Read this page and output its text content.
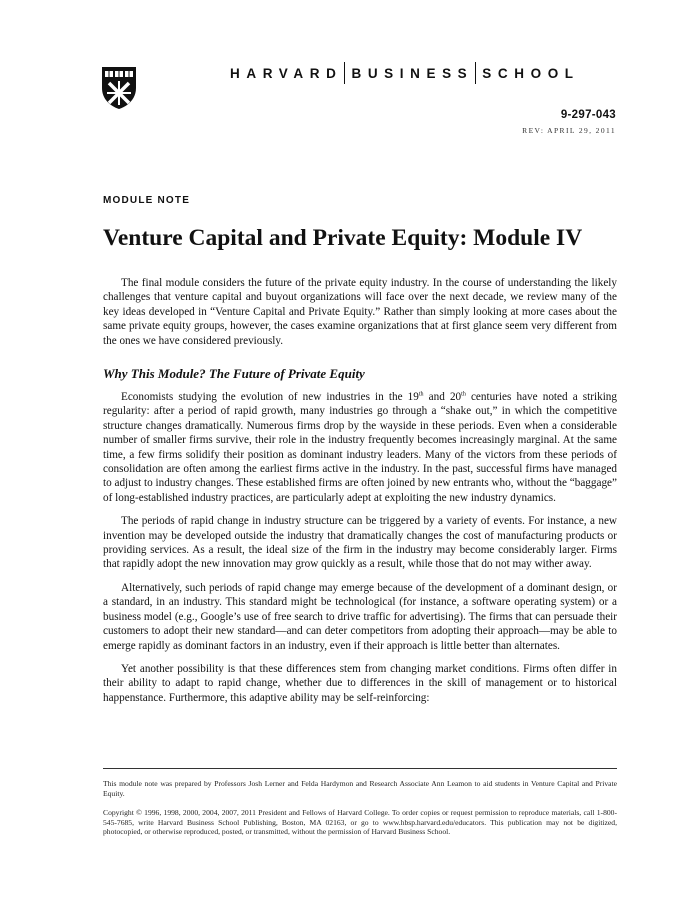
HARVARD BUSINESS SCHOOL
9-297-043
REV: APRIL 29, 2011
MODULE NOTE
Venture Capital and Private Equity: Module IV

The final module considers the future of the private equity industry. In the course of understanding the likely challenges that venture capital and buyout organizations will face over the next decade, we review many of the key ideas developed in “Venture Capital and Private Equity.” Rather than simply looking at more cases about the same private equity groups, however, the cases examine organizations that at first glance seem very different from the ones we have considered previously.

Why This Module? The Future of Private Equity

Economists studying the evolution of new industries in the 19th and 20th centuries have noted a striking regularity: after a period of rapid growth, many industries go through a “shake out,” in which the competitive structure changes dramatically. Numerous firms drop by the wayside in these periods. Even when a considerable number of smaller firms survive, their role in the industry frequently becomes increasingly marginal. At the same time, a few firms solidify their position as dominant industry leaders. Many of the victors from these periods of consolidation are often among the earliest firms active in the industry. In the past, successful firms have managed to adjust to industry changes. These established firms are often joined by new entrants who, without the “baggage” of long-established industry practices, are particularly adept at exploiting the new industry dynamics.

The periods of rapid change in industry structure can be triggered by a variety of events. For instance, a new invention may be developed outside the industry that dramatically changes the cost of manufacturing products or providing services. As a result, the ideal size of the firm in the industry may become considerably larger. Firms that rapidly adopt the new innovation may grow quickly as a result, while those that do not may wither away.

Alternatively, such periods of rapid change may emerge because of the development of a dominant design, or a standard, in an industry. This standard might be technological (for instance, a software operating system) or a business model (e.g., Google’s use of free search to drive traffic for advertising). The firms that can persuade their customers to adopt their new standard—and can deter competitors from adopting their approach—may be able to emerge rapidly as dominant factors in an industry, even if their approach is little better than alternates.

Yet another possibility is that these differences stem from changing market conditions. Firms often differ in their ability to adapt to rapid change, whether due to differences in the skill of management or to historical happenstance. Furthermore, this adaptive ability may be self-reinforcing:

This module note was prepared by Professors Josh Lerner and Felda Hardymon and Research Associate Ann Leamon to aid students in Venture Capital and Private Equity.

Copyright © 1996, 1998, 2000, 2004, 2007, 2011 President and Fellows of Harvard College. To order copies or request permission to reproduce materials, call 1-800-545-7685, write Harvard Business School Publishing, Boston, MA 02163, or go to www.hbsp.harvard.edu/educators. This publication may not be digitized, photocopied, or otherwise reproduced, posted, or transmitted, without the permission of Harvard Business School.
